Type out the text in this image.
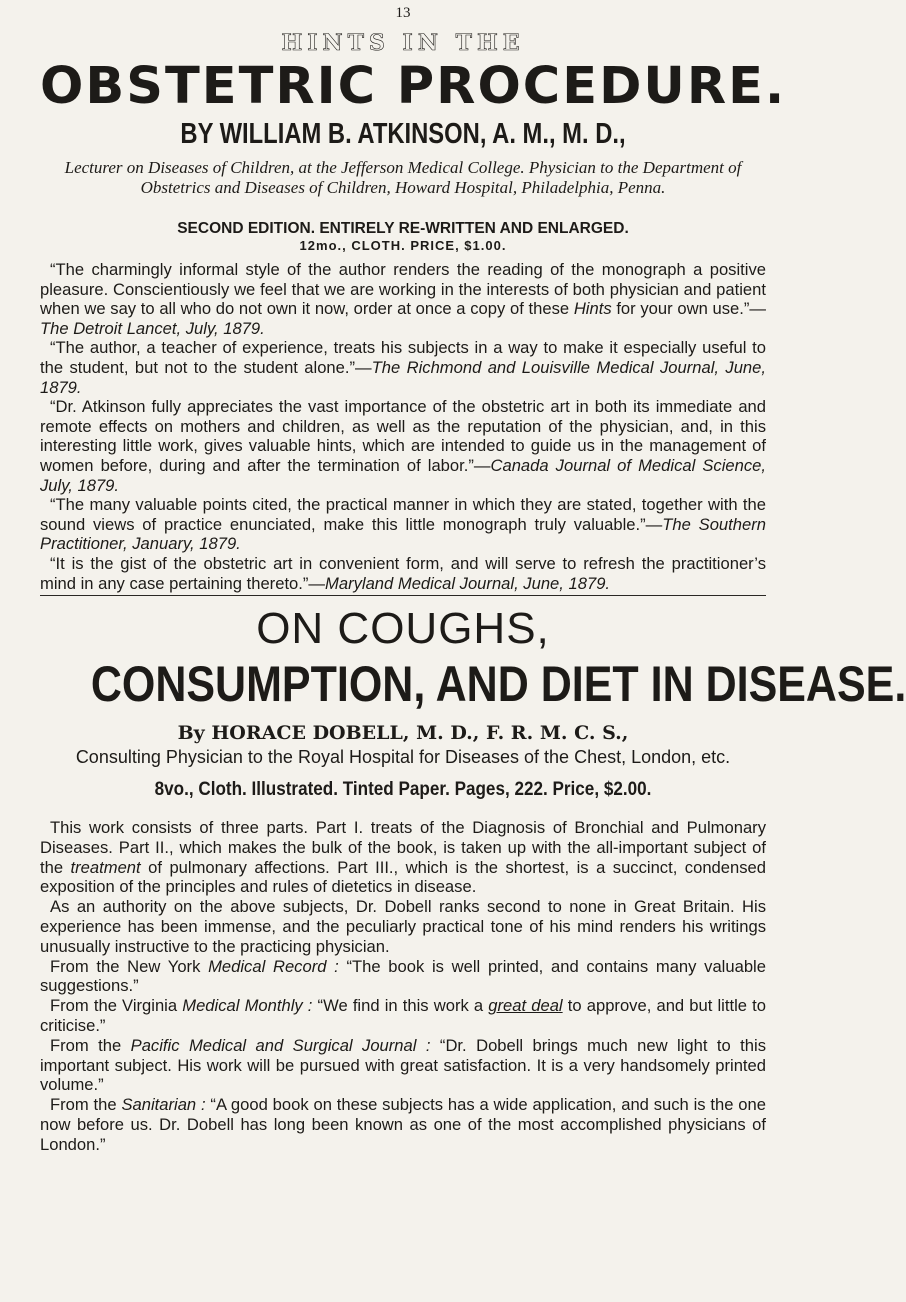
13
HINTS IN THE
OBSTETRIC PROCEDURE.
BY WILLIAM B. ATKINSON, A. M., M. D.,

Lecturer on Diseases of Children, at the Jefferson Medical College. Physician to the Department of Obstetrics and Diseases of Children, Howard Hospital, Philadelphia, Penna.

SECOND EDITION. ENTIRELY RE-WRITTEN AND ENLARGED.
12mo., CLOTH. PRICE, $1.00.

“The charmingly informal style of the author renders the reading of the monograph a positive pleasure. Conscientiously we feel that we are working in the interests of both physician and patient when we say to all who do not own it now, order at once a copy of these Hints for your own use.”—The Detroit Lancet, July, 1879.

“The author, a teacher of experience, treats his subjects in a way to make it especially useful to the student, but not to the student alone.”—The Richmond and Louisville Medical Journal, June, 1879.

“Dr. Atkinson fully appreciates the vast importance of the obstetric art in both its immediate and remote effects on mothers and children, as well as the reputation of the physician, and, in this interesting little work, gives valuable hints, which are intended to guide us in the management of women before, during and after the termination of labor.”—Canada Journal of Medical Science, July, 1879.

“The many valuable points cited, the practical manner in which they are stated, together with the sound views of practice enunciated, make this little monograph truly valuable.”—The Southern Practitioner, January, 1879.

“It is the gist of the obstetric art in convenient form, and will serve to refresh the practitioner’s mind in any case pertaining thereto.”—Maryland Medical Journal, June, 1879.

ON COUGHS,
CONSUMPTION, AND DIET IN DISEASE.
By HORACE DOBELL, M. D., F. R. M. C. S.,
Consulting Physician to the Royal Hospital for Diseases of the Chest, London, etc.
8vo., Cloth. Illustrated. Tinted Paper. Pages, 222. Price, $2.00.

This work consists of three parts. Part I. treats of the Diagnosis of Bronchial and Pulmonary Diseases. Part II., which makes the bulk of the book, is taken up with the all-important subject of the treatment of pulmonary affections. Part III., which is the shortest, is a succinct, condensed exposition of the principles and rules of dietetics in disease.

As an authority on the above subjects, Dr. Dobell ranks second to none in Great Britain. His experience has been immense, and the peculiarly practical tone of his mind renders his writings unusually instructive to the practicing physician.

From the New York Medical Record : “The book is well printed, and contains many valuable suggestions.”

From the Virginia Medical Monthly : “We find in this work a great deal to approve, and but little to criticise.”

From the Pacific Medical and Surgical Journal : “Dr. Dobell brings much new light to this important subject. His work will be pursued with great satisfaction. It is a very handsomely printed volume.”

From the Sanitarian : “A good book on these subjects has a wide application, and such is the one now before us. Dr. Dobell has long been known as one of the most accomplished physicians of London.”
